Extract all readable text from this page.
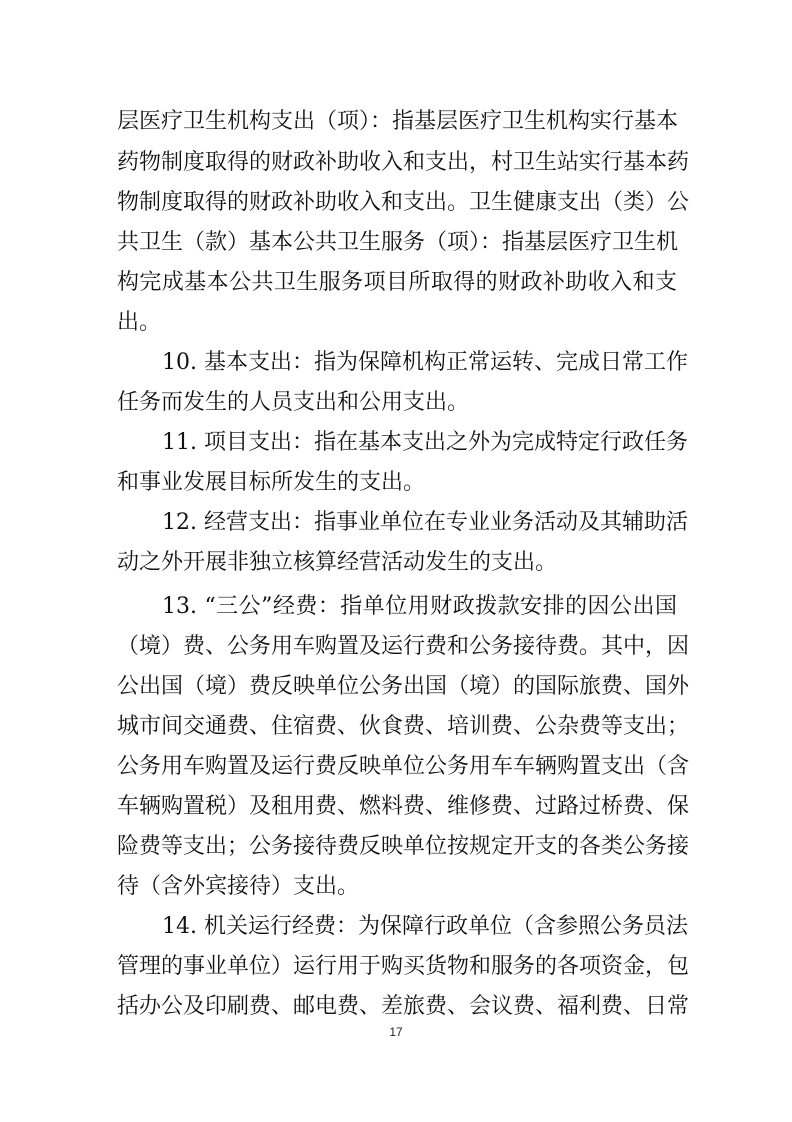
层医疗卫生机构支出（项）：指基层医疗卫生机构实行基本
药物制度取得的财政补助收入和支出，村卫生站实行基本药
物制度取得的财政补助收入和支出。卫生健康支出（类）公
共卫生（款）基本公共卫生服务（项）：指基层医疗卫生机
构完成基本公共卫生服务项目所取得的财政补助收入和支
出。
10. 基本支出：指为保障机构正常运转、完成日常工作
任务而发生的人员支出和公用支出。
11. 项目支出：指在基本支出之外为完成特定行政任务
和事业发展目标所发生的支出。
12. 经营支出：指事业单位在专业业务活动及其辅助活
动之外开展非独立核算经营活动发生的支出。
13. “三公”经费：指单位用财政拨款安排的因公出国
（境）费、公务用车购置及运行费和公务接待费。其中，因
公出国（境）费反映单位公务出国（境）的国际旅费、国外
城市间交通费、住宿费、伙食费、培训费、公杂费等支出；
公务用车购置及运行费反映单位公务用车车辆购置支出（含
车辆购置税）及租用费、燃料费、维修费、过路过桥费、保
险费等支出；公务接待费反映单位按规定开支的各类公务接
待（含外宾接待）支出。
14. 机关运行经费：为保障行政单位（含参照公务员法
管理的事业单位）运行用于购买货物和服务的各项资金，包
括办公及印刷费、邮电费、差旅费、会议费、福利费、日常
17
